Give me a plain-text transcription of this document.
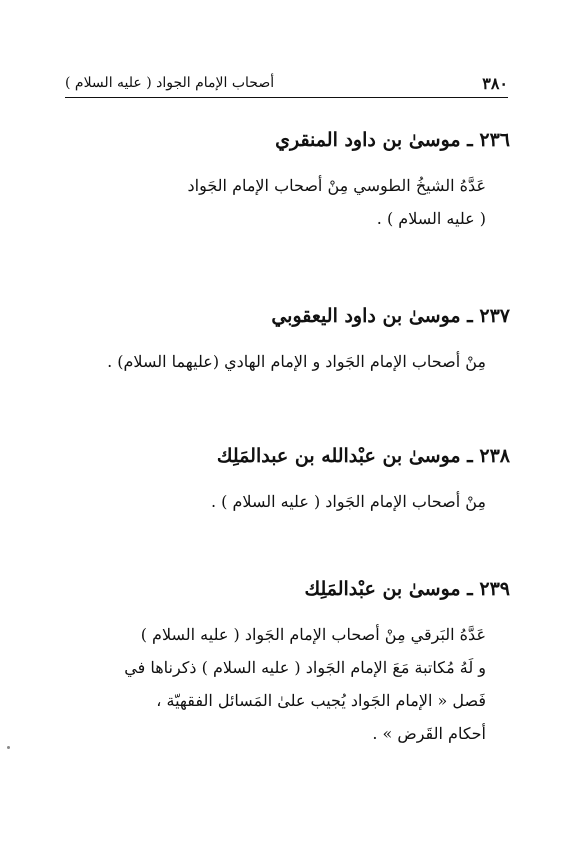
٣٨٠
أصحاب الإمام الجواد ( عليه السلام )
٢٣٦ ـ موسىٰ بن داود المنقري

عَدَّهُ الشيخُ الطوسي مِنْ أصحاب الإمام الجَواد

( عليه السلام ) .

٢٣٧ ـ موسىٰ بن داود اليعقوبي

مِنْ أصحاب الإمام الجَواد و الإمام الهادي (عليهما السلام) .

٢٣٨ ـ موسىٰ بن عبْدالله بن عبدالمَلِك

مِنْ أصحاب الإمام الجَواد ( عليه السلام ) .

٢٣٩ ـ موسىٰ بن عبْدالمَلِك

عَدَّهُ البَرقي مِنْ أصحاب الإمام الجَواد ( عليه السلام )

و لَهُ مُكاتبة مَعَ الإمام الجَواد ( عليه السلام ) ذكرناها في

فَصل « الإمام الجَواد يُجيب علىٰ المَسائل الفقهيّة ،

أحكام القَرض » .
